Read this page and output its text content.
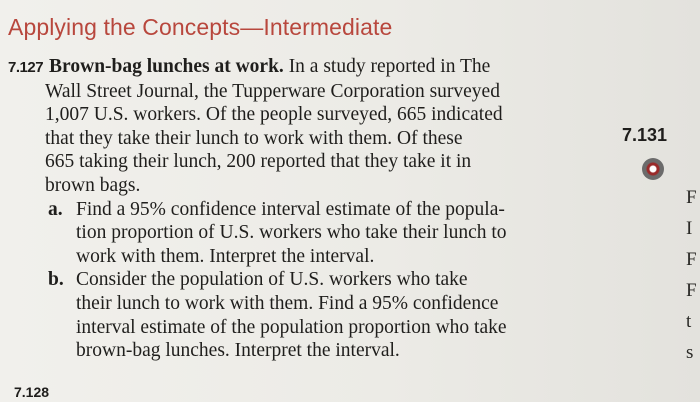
Applying the Concepts—Intermediate
7.127 Brown-bag lunches at work. In a study reported in The
Wall Street Journal, the Tupperware Corporation surveyed
1,007 U.S. workers. Of the people surveyed, 665 indicated
that they take their lunch to work with them. Of these
665 taking their lunch, 200 reported that they take it in
brown bags.
a. Find a 95% confidence interval estimate of the popula-
tion proportion of U.S. workers who take their lunch to
work with them. Interpret the interval.
b. Consider the population of U.S. workers who take
their lunch to work with them. Find a 95% confidence
interval estimate of the population proportion who take
brown-bag lunches. Interpret the interval.
7.131
F
I
F
F
t
s
7.128
